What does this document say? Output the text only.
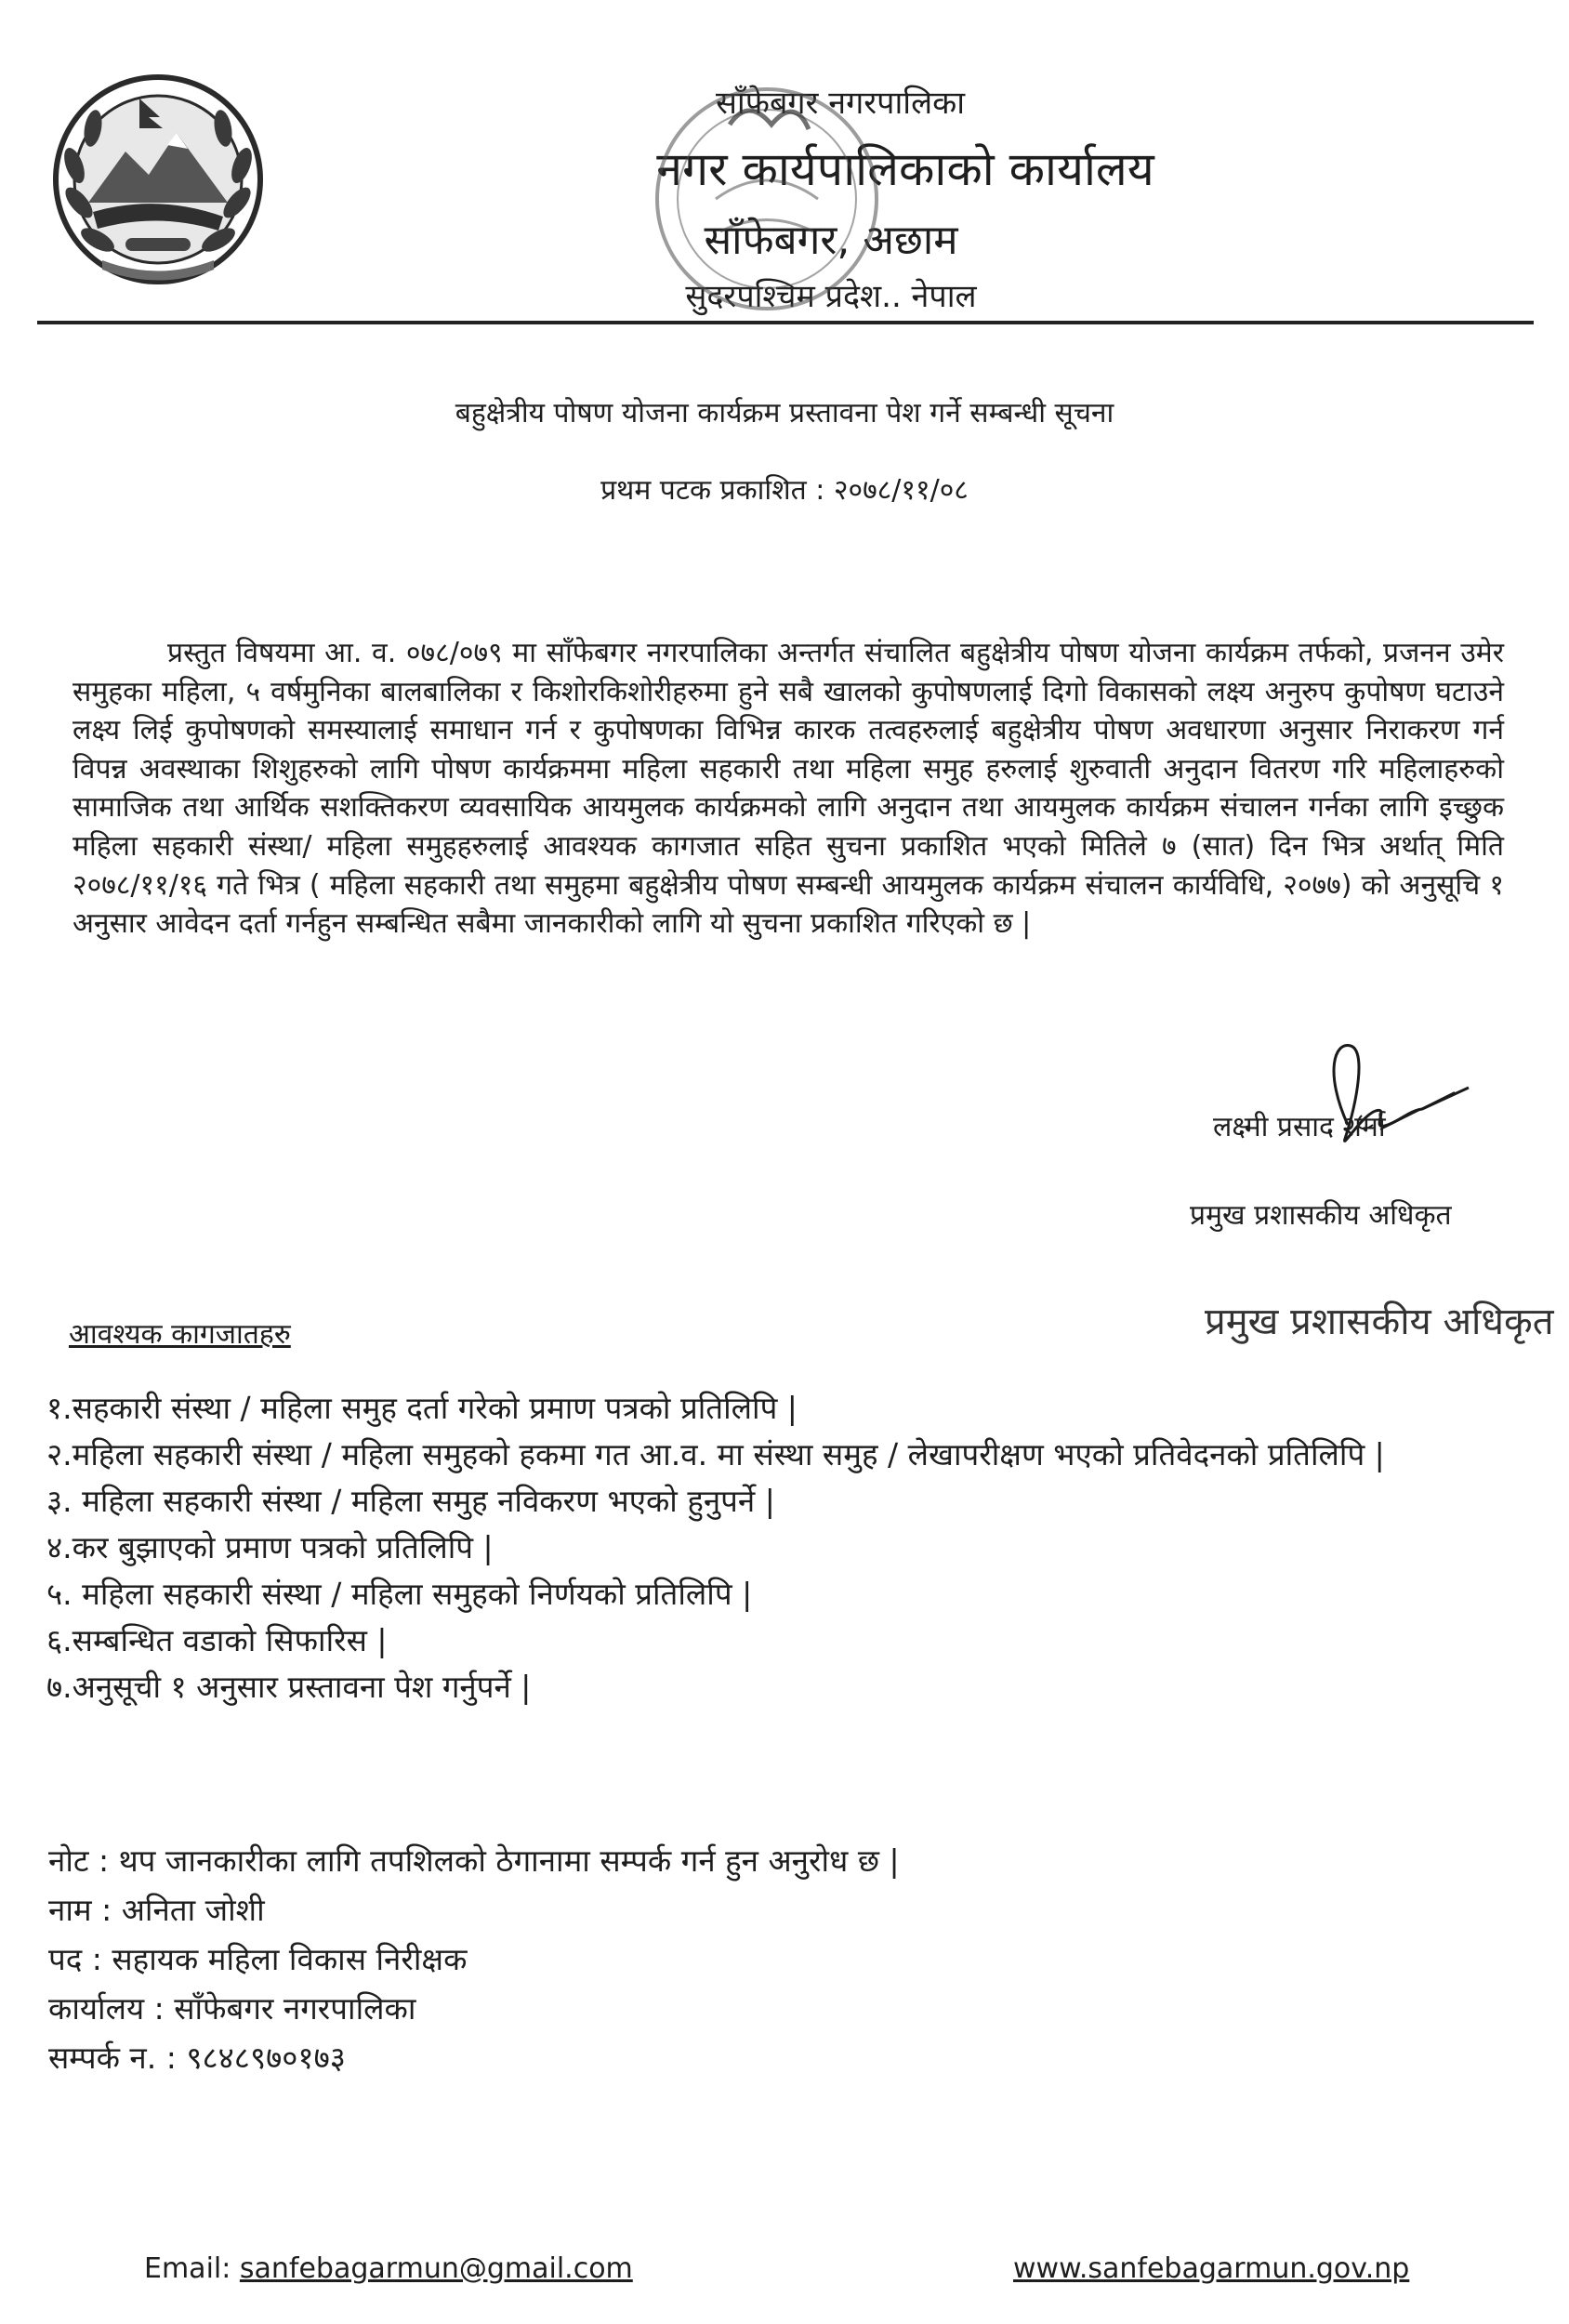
साँफेबगर नगरपालिका
नगर कार्यपालिकाको कार्यालय
साँफेबगर, अछाम
सुदरपश्चिम प्रदेश.. नेपाल
बहुक्षेत्रीय पोषण योजना कार्यक्रम प्रस्तावना पेश गर्ने सम्बन्धी सूचना
प्रथम पटक प्रकाशित : २०७८/११/०८

प्रस्तुत विषयमा आ. व. ०७८/०७९ मा साँफेबगर नगरपालिका अन्तर्गत संचालित बहुक्षेत्रीय पोषण योजना कार्यक्रम तर्फको, प्रजनन उमेर समुहका महिला, ५ वर्षमुनिका बालबालिका र किशोरकिशोरीहरुमा हुने सबै खालको कुपोषणलाई दिगो विकासको लक्ष्य अनुरुप कुपोषण घटाउने लक्ष्य लिई कुपोषणको समस्यालाई समाधान गर्न र कुपोषणका विभिन्न कारक तत्वहरुलाई बहुक्षेत्रीय पोषण अवधारणा अनुसार निराकरण गर्न विपन्न अवस्थाका शिशुहरुको लागि पोषण कार्यक्रममा महिला सहकारी तथा महिला समुह हरुलाई शुरुवाती अनुदान वितरण गरि महिलाहरुको सामाजिक तथा आर्थिक सशक्तिकरण व्यवसायिक आयमुलक कार्यक्रमको लागि अनुदान तथा आयमुलक कार्यक्रम संचालन गर्नका लागि इच्छुक महिला सहकारी संस्था/ महिला समुहहरुलाई आवश्यक कागजात सहित सुचना प्रकाशित भएको मितिले ७ (सात) दिन भित्र अर्थात् मिति २०७८/११/१६ गते भित्र ( महिला सहकारी तथा समुहमा बहुक्षेत्रीय पोषण सम्बन्धी आयमुलक कार्यक्रम संचालन कार्यविधि, २०७७) को अनुसूचि १ अनुसार आवेदन दर्ता गर्नहुन सम्बन्धित सबैमा जानकारीको लागि यो सुचना प्रकाशित गरिएको छ |

लक्ष्मी प्रसाद शर्मा
प्रमुख प्रशासकीय अधिकृत
प्रमुख प्रशासकीय अधिकृत
आवश्यक कागजातहरु
१.सहकारी संस्था / महिला समुह दर्ता गरेको प्रमाण पत्रको प्रतिलिपि |
२.महिला सहकारी संस्था / महिला समुहको हकमा गत आ.व. मा संस्था समुह / लेखापरीक्षण भएको प्रतिवेदनको प्रतिलिपि |
३. महिला सहकारी संस्था / महिला समुह नविकरण भएको हुनुपर्ने |
४.कर बुझाएको प्रमाण पत्रको प्रतिलिपि |
५. महिला सहकारी संस्था / महिला समुहको निर्णयको प्रतिलिपि |
६.सम्बन्धित वडाको सिफारिस |
७.अनुसूची १ अनुसार प्रस्तावना पेश गर्नुपर्ने |
नोट : थप जानकारीका लागि तपशिलको ठेगानामा सम्पर्क गर्न हुन अनुरोध छ |
नाम : अनिता जोशी
पद : सहायक महिला विकास निरीक्षक
कार्यालय : साँफेबगर नगरपालिका
सम्पर्क न. : ९८४८९७०१७३
Email: sanfebagarmun@gmail.com	www.sanfebagarmun.gov.np
